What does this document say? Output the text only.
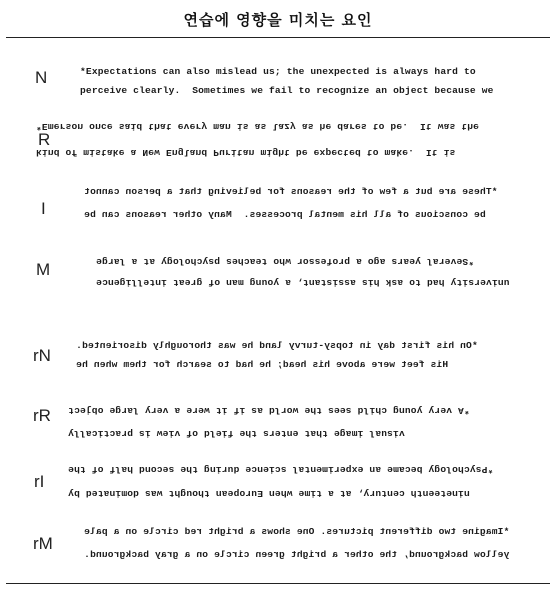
연습에 영향을 미치는 요인
N	*Expectations can also mislead us; the unexpected is always hard to
perceive clearly.  Sometimes we fail to recognize an object because we
R
*Emerson once said that every man is as lazy as he dares to be.  It was the
kind of mistake a New England Puritan might be expected to make.  It is
I
*These are but a few of the reasons for believing that a person cannot
be conscious of all his mental processes.  Many other reasons can be
M	*Several years ago a professor who teaches psychology at a large
university had to ask his assistant, a young man of great intelligence
rN
*On his first day in topsy-turvy land he was thoroughly disoriented.
His feet were above his head; he had to search for them when he
rR *A very young child sees the world as if it were a very large object
visual image that enters the field of view is practically
rI
*Psychology became an experimental science during the second half of the
nineteenth century, at a time when European thought was dominated by
rM
*Imagine two different pictures. One shows a bright red circle on a pale
yellow background, the other a bright green circle on a gray background.
